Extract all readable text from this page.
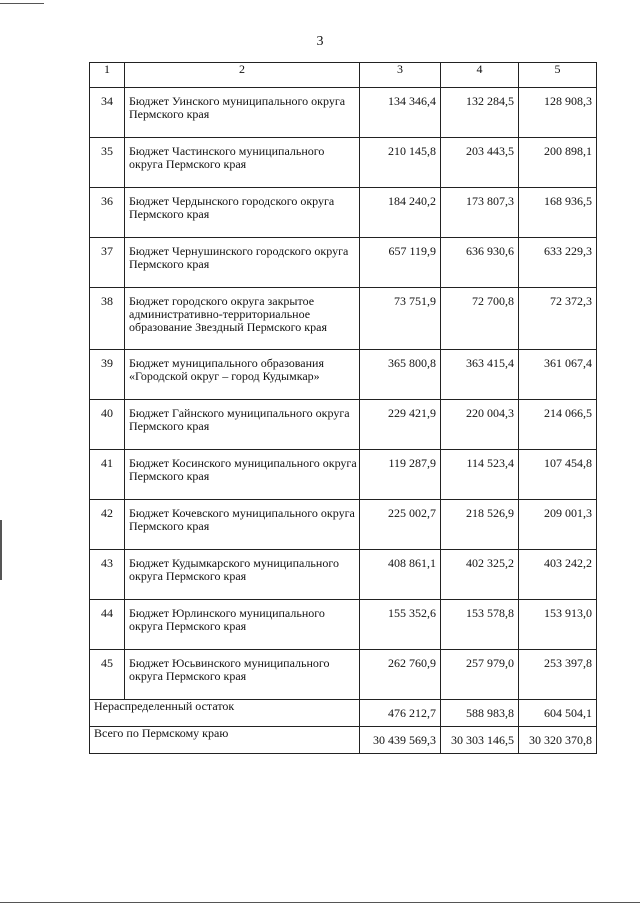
3
1	2	3	4	5
34	Бюджет Уинского муниципального округа Пермского края	134 346,4	132 284,5	128 908,3
35	Бюджет Частинского муниципального округа Пермского края	210 145,8	203 443,5	200 898,1
36	Бюджет Чердынского городского округа Пермского края	184 240,2	173 807,3	168 936,5
37	Бюджет Чернушинского городского округа Пермского края	657 119,9	636 930,6	633 229,3
38	Бюджет городского округа закрытое административно-территориальное образование Звездный Пермского края	73 751,9	72 700,8	72 372,3
39	Бюджет муниципального образования «Городской округ – город Кудымкар»	365 800,8	363 415,4	361 067,4
40	Бюджет Гайнского муниципального округа Пермского края	229 421,9	220 004,3	214 066,5
41	Бюджет Косинского муниципального округа Пермского края	119 287,9	114 523,4	107 454,8
42	Бюджет Кочевского муниципального округа Пермского края	225 002,7	218 526,9	209 001,3
43	Бюджет Кудымкарского муниципального округа Пермского края	408 861,1	402 325,2	403 242,2
44	Бюджет Юрлинского муниципального округа Пермского края	155 352,6	153 578,8	153 913,0
45	Бюджет Юсьвинского муниципального округа Пермского края	262 760,9	257 979,0	253 397,8
Нераспределенный остаток		476 212,7	588 983,8	604 504,1
Всего по Пермскому краю		30 439 569,3	30 303 146,5	30 320 370,8
